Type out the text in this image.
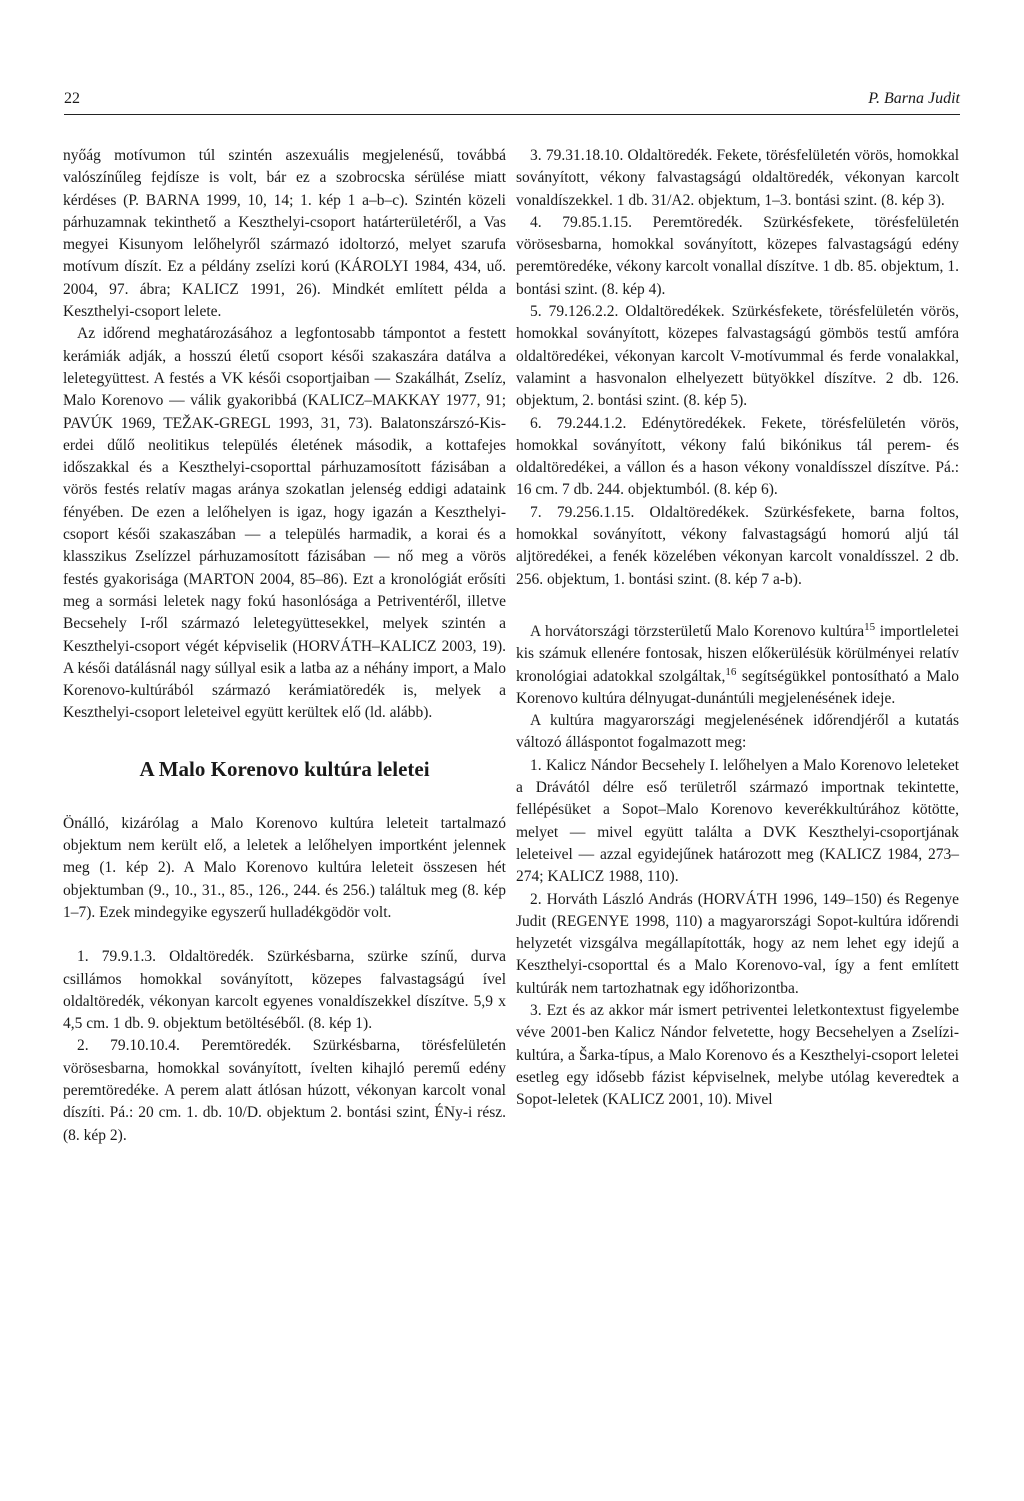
22	P. Barna Judit

nyőág motívumon túl szintén aszexuális megjelenésű, továbbá valószínűleg fejdísze is volt, bár ez a szobrocska sérülése miatt kérdéses (P. BARNA 1999, 10, 14; 1. kép 1 a–b–c). Szintén közeli párhuzamnak tekinthető a Keszthelyi-csoport határterületéről, a Vas megyei Kisunyom lelőhelyről származó idoltorzó, melyet szarufa motívum díszít. Ez a példány zselízi korú (KÁROLYI 1984, 434, uő. 2004, 97. ábra; KALICZ 1991, 26). Mindkét említett példa a Keszthelyi-csoport lelete.

Az időrend meghatározásához a legfontosabb támpontot a festett kerámiák adják, a hosszú életű csoport késői szakaszára datálva a leletegyüttest. A festés a VK késői csoportjaiban — Szakálhát, Zselíz, Malo Korenovo — válik gyakoribbá (KALICZ–MAKKAY 1977, 91; PAVÚK 1969, TEŽAK-GREGL 1993, 31, 73). Balatonszárszó-Kis-erdei dűlő neolitikus település életének második, a kottafejes időszakkal és a Keszthelyi-csoporttal párhuzamosított fázisában a vörös festés relatív magas aránya szokatlan jelenség eddigi adataink fényében. De ezen a lelőhelyen is igaz, hogy igazán a Keszthelyi-csoport késői szakaszában — a település harmadik, a korai és a klasszikus Zselízzel párhuzamosított fázisában — nő meg a vörös festés gyakorisága (MARTON 2004, 85–86). Ezt a kronológiát erősíti meg a sormási leletek nagy fokú hasonlósága a Petriventéről, illetve Becsehely I-ről származó leletegyüttesekkel, melyek szintén a Keszthelyi-csoport végét képviselik (HORVÁTH–KALICZ 2003, 19). A késői datálásnál nagy súllyal esik a latba az a néhány import, a Malo Korenovo-kultúrából származó kerámiatöredék is, melyek a Keszthelyi-csoport leleteivel együtt kerültek elő (ld. alább).

A Malo Korenovo kultúra leletei

Önálló, kizárólag a Malo Korenovo kultúra leleteit tartalmazó objektum nem került elő, a leletek a lelőhelyen importként jelennek meg (1. kép 2). A Malo Korenovo kultúra leleteit összesen hét objektumban (9., 10., 31., 85., 126., 244. és 256.) találtuk meg (8. kép 1–7). Ezek mindegyike egyszerű hulladékgödör volt.

1. 79.9.1.3. Oldaltöredék. Szürkésbarna, szürke színű, durva csillámos homokkal soványított, közepes falvastagságú ível oldaltöredék, vékonyan karcolt egyenes vonaldíszekkel díszítve. 5,9 x 4,5 cm. 1 db. 9. objektum betöltéséből. (8. kép 1).

2. 79.10.10.4. Peremtöredék. Szürkésbarna, törésfelületén vörösesbarna, homokkal soványított, ívelten kihajló peremű edény peremtöredéke. A perem alatt átlósan húzott, vékonyan karcolt vonal díszíti. Pá.: 20 cm. 1. db. 10/D. objektum 2. bontási szint, ÉNy-i rész. (8. kép 2).

3. 79.31.18.10. Oldaltöredék. Fekete, törésfelületén vörös, homokkal soványított, vékony falvastagságú oldaltöredék, vékonyan karcolt vonaldíszekkel. 1 db. 31/A2. objektum, 1–3. bontási szint. (8. kép 3).

4. 79.85.1.15. Peremtöredék. Szürkésfekete, törésfelületén vörösesbarna, homokkal soványított, közepes falvastagságú edény peremtöredéke, vékony karcolt vonallal díszítve. 1 db. 85. objektum, 1. bontási szint. (8. kép 4).

5. 79.126.2.2. Oldaltöredékek. Szürkésfekete, törésfelületén vörös, homokkal soványított, közepes falvastagságú gömbös testű amfóra oldaltöredékei, vékonyan karcolt V-motívummal és ferde vonalakkal, valamint a hasvonalon elhelyezett bütyökkel díszítve. 2 db. 126. objektum, 2. bontási szint. (8. kép 5).

6. 79.244.1.2. Edénytöredékek. Fekete, törésfelületén vörös, homokkal soványított, vékony falú bikónikus tál perem- és oldaltöredékei, a vállon és a hason vékony vonaldísszel díszítve. Pá.: 16 cm. 7 db. 244. objektumból. (8. kép 6).

7. 79.256.1.15. Oldaltöredékek. Szürkésfekete, barna foltos, homokkal soványított, vékony falvastagságú homorú aljú tál aljtöredékei, a fenék közelében vékonyan karcolt vonaldísszel. 2 db. 256. objektum, 1. bontási szint. (8. kép 7 a-b).

A horvátországi törzsterületű Malo Korenovo kultúra$^{15}$ importleletei kis számuk ellenére fontosak, hiszen előkerülésük körülményei relatív kronológiai adatokkal szolgáltak,$^{16}$ segítségükkel pontosítható a Malo Korenovo kultúra délnyugat-dunántúli megjelenésének ideje.

A kultúra magyarországi megjelenésének időrendjéről a kutatás változó álláspontot fogalmazott meg:

1. Kalicz Nándor Becsehely I. lelőhelyen a Malo Korenovo leleteket a Drávától délre eső területről származó importnak tekintette, fellépésüket a Sopot–Malo Korenovo keverékkultúrához kötötte, melyet — mivel együtt találta a DVK Keszthelyi-csoportjának leleteivel — azzal egyidejűnek határozott meg (KALICZ 1984, 273–274; KALICZ 1988, 110).

2. Horváth László András (HORVÁTH 1996, 149–150) és Regenye Judit (REGENYE 1998, 110) a magyarországi Sopot-kultúra időrendi helyzetét vizsgálva megállapították, hogy az nem lehet egy idejű a Keszthelyi-csoporttal és a Malo Korenovo-val, így a fent említett kultúrák nem tartozhatnak egy időhorizontba.

3. Ezt és az akkor már ismert petriventei leletkontextust figyelembe véve 2001-ben Kalicz Nándor felvetette, hogy Becsehelyen a Zselízi-kultúra, a Šarka-típus, a Malo Korenovo és a Keszthelyi-csoport leletei esetleg egy idősebb fázist képviselnek, melybe utólag keveredtek a Sopot-leletek (KALICZ 2001, 10). Mivel
